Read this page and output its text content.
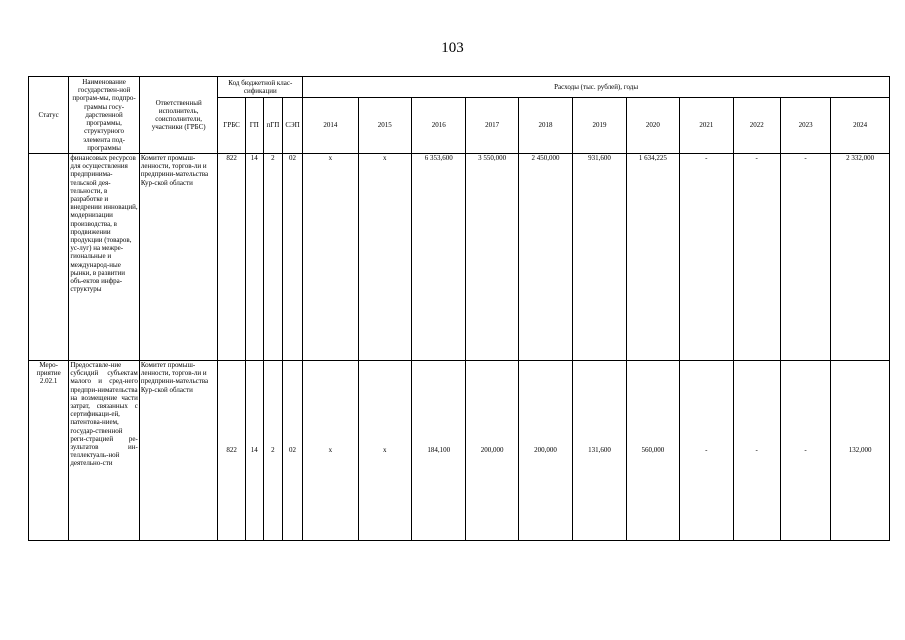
103
Статус	Наименование государствен-ной програм-мы, подпро-граммы госу-дарственной программы, структурного элемента под-программы	Ответственный исполнитель, соисполнители, участники (ГРБС)	Код бюджетной клас-сификации				Расходы (тыс. рублей), годы										
			ГРБС	ГП	пГП	СЭП	2014	2015	2016	2017	2018	2019	2020	2021	2022	2023	2024
	финансовых ресурсов для осуществления предпринима-тельской дея-тельности, в разработке и внедрении инноваций, модернизации производства, в продвижении продукции (товаров, ус-луг) на межре-гиональные и международ-ные рынки, в развитии объ-ектов инфра-структуры	Комитет промыш-ленности, торгов-ли и предприни-мательства Кур-ской области	822	14	2	02	x	x	6 353,600	3 550,000	2 450,000	931,600	1 634,225	-	-	-	2 332,000
Меро-приятие 2.02.1	Предоставле-ние субсидий субъектам малого и сред-него предпри-нимательства на возмещение части затрат, связанных с сертификаци-ей, патентова-нием, государ-ственной реги-страцией ре-зультатов ин-теллектуаль-ной деятельно-сти	Комитет промыш-ленности, торгов-ли и предприни-мательства Кур-ской области	822	14	2	02	x	x	184,100	200,000	200,000	131,600	560,000	-	-	-	132,000
